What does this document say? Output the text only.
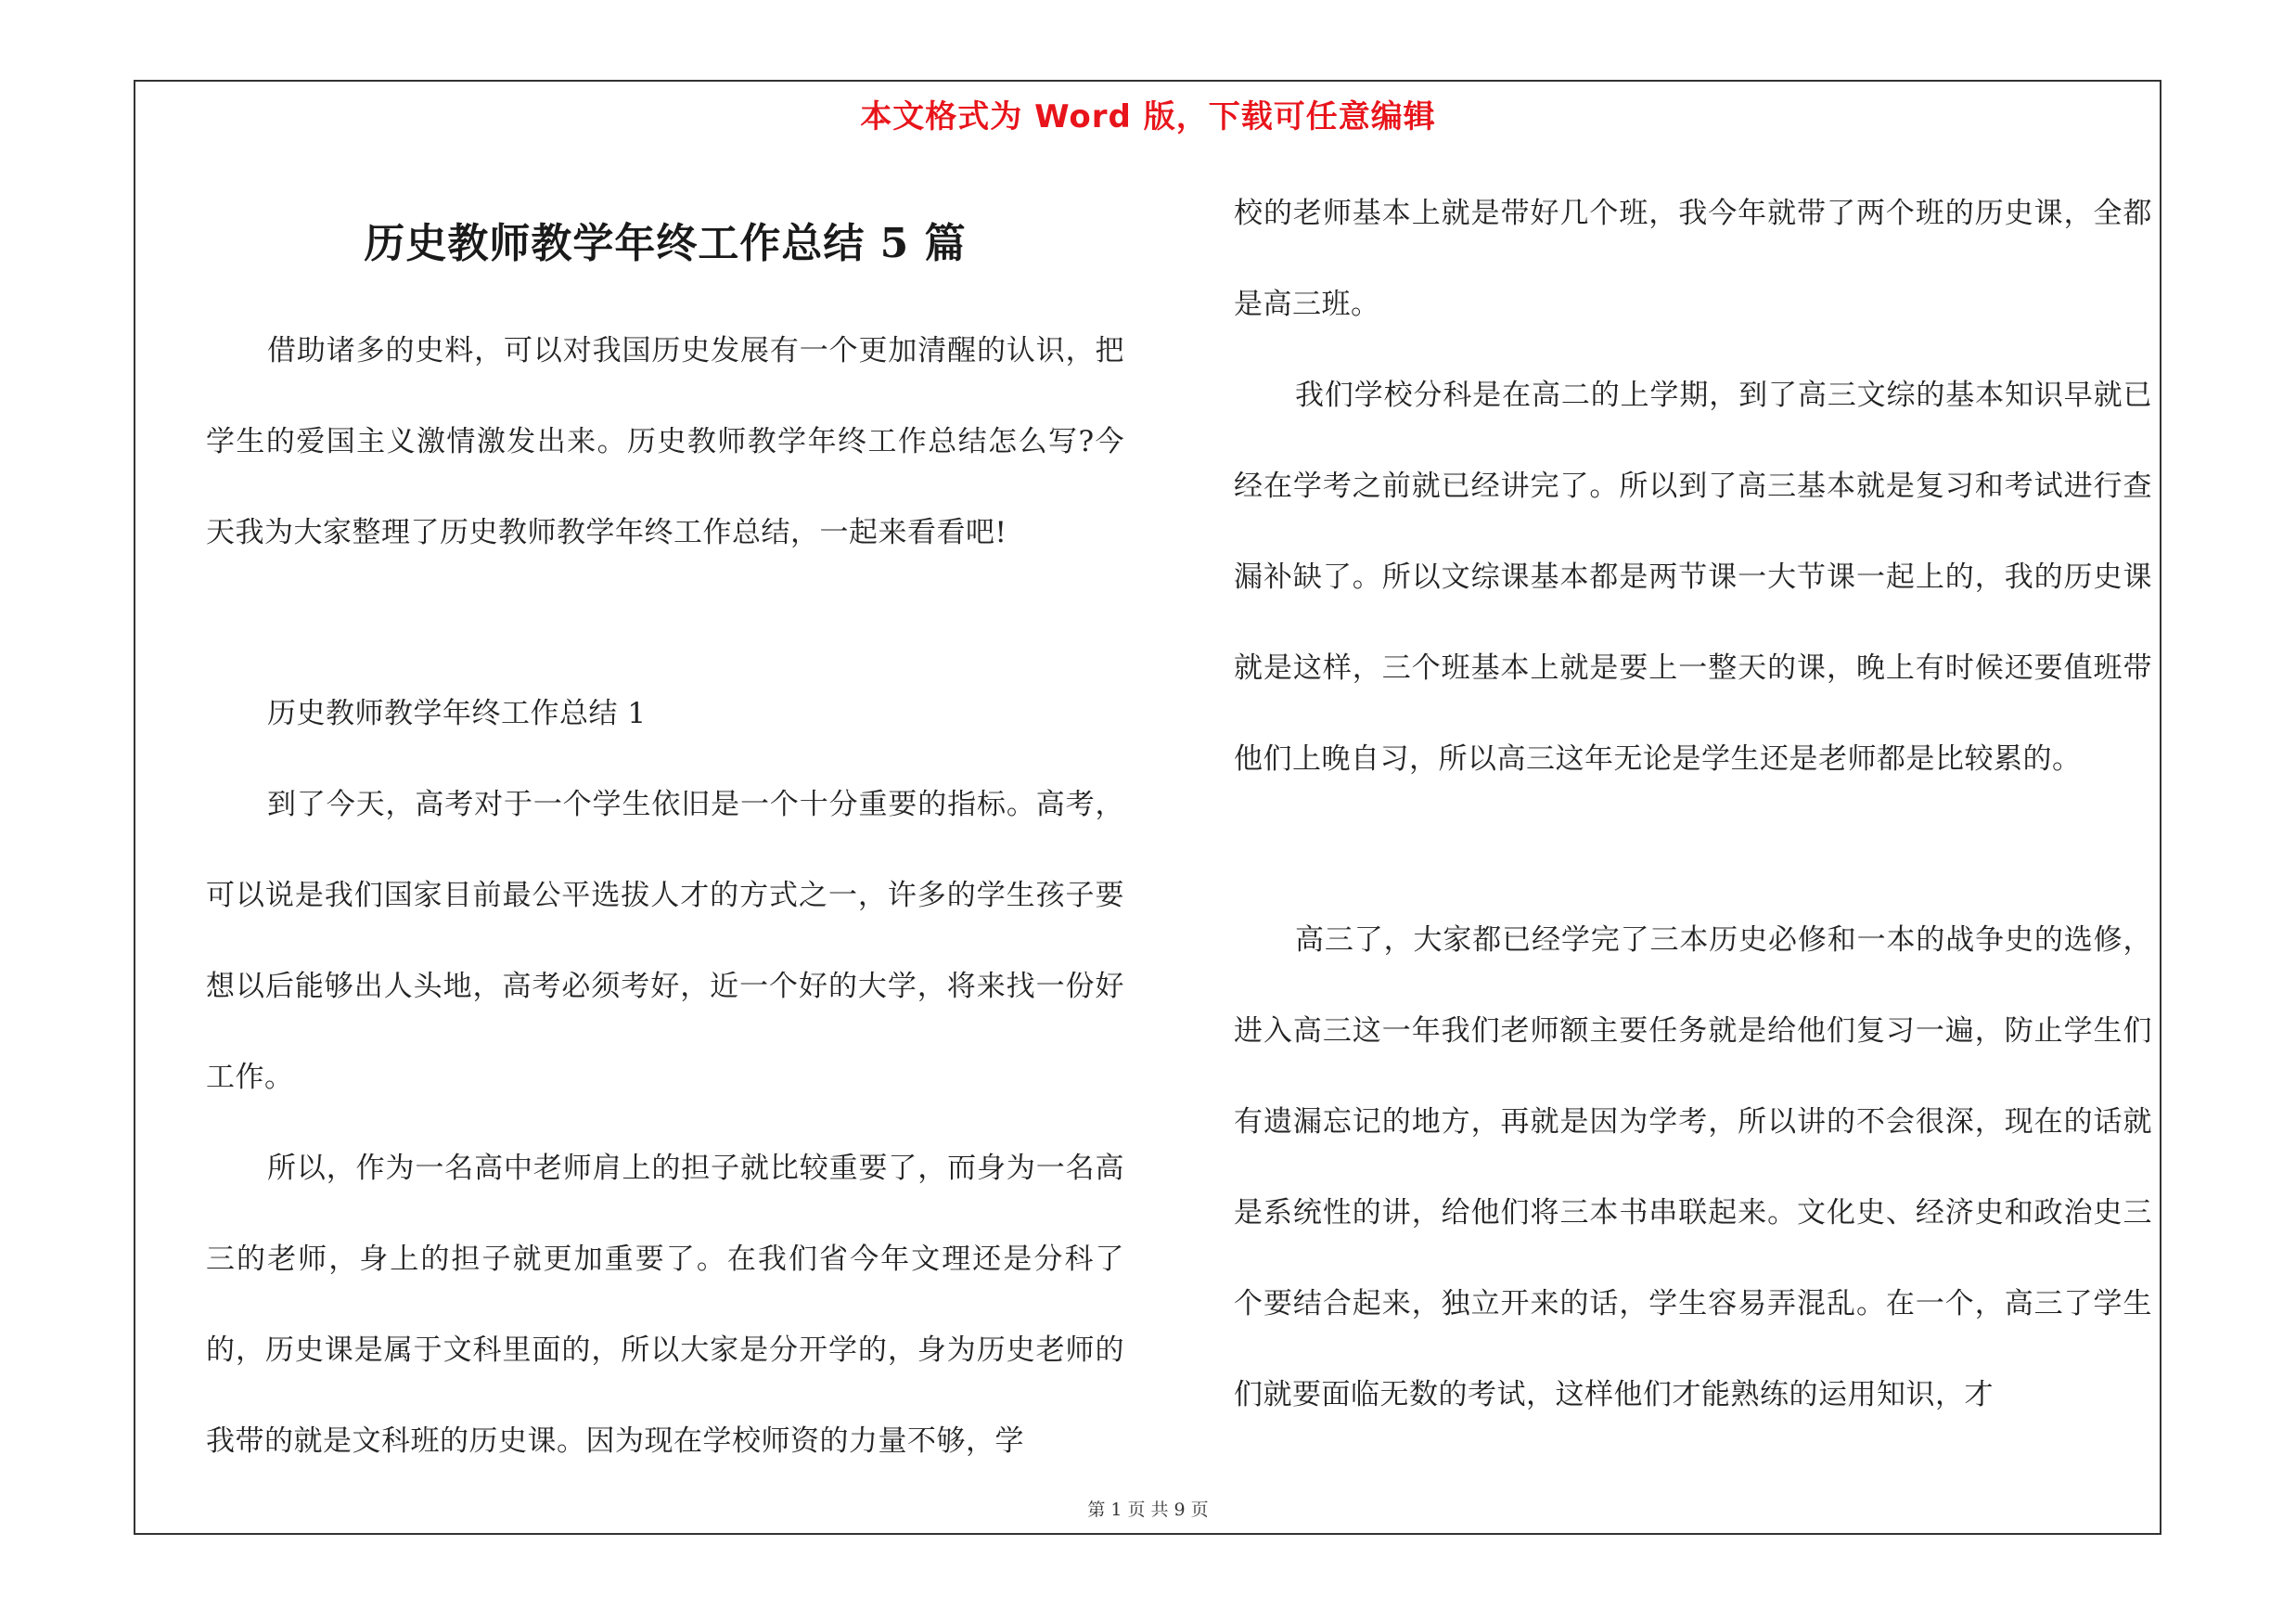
本文格式为 Word 版，下载可任意编辑
历史教师教学年终工作总结 5 篇
借助诸多的史料，可以对我国历史发展有一个更加清醒的认识，把学生的爱国主义激情激发出来。历史教师教学年终工作总结怎么写?今天我为大家整理了历史教师教学年终工作总结，一起来看看吧!
历史教师教学年终工作总结 1
到了今天，高考对于一个学生依旧是一个十分重要的指标。高考，可以说是我们国家目前最公平选拔人才的方式之一，许多的学生孩子要想以后能够出人头地，高考必须考好，近一个好的大学，将来找一份好工作。
所以，作为一名高中老师肩上的担子就比较重要了，而身为一名高三的老师，身上的担子就更加重要了。在我们省今年文理还是分科了的，历史课是属于文科里面的，所以大家是分开学的，身为历史老师的我带的就是文科班的历史课。因为现在学校师资的力量不够，学
校的老师基本上就是带好几个班，我今年就带了两个班的历史课，全都是高三班。
我们学校分科是在高二的上学期，到了高三文综的基本知识早就已经在学考之前就已经讲完了。所以到了高三基本就是复习和考试进行查漏补缺了。所以文综课基本都是两节课一大节课一起上的，我的历史课就是这样，三个班基本上就是要上一整天的课，晚上有时候还要值班带他们上晚自习，所以高三这年无论是学生还是老师都是比较累的。
高三了，大家都已经学完了三本历史必修和一本的战争史的选修，进入高三这一年我们老师额主要任务就是给他们复习一遍，防止学生们有遗漏忘记的地方，再就是因为学考，所以讲的不会很深，现在的话就是系统性的讲，给他们将三本书串联起来。文化史、经济史和政治史三个要结合起来，独立开来的话，学生容易弄混乱。在一个，高三了学生们就要面临无数的考试，这样他们才能熟练的运用知识，才
第 1 页 共 9 页
